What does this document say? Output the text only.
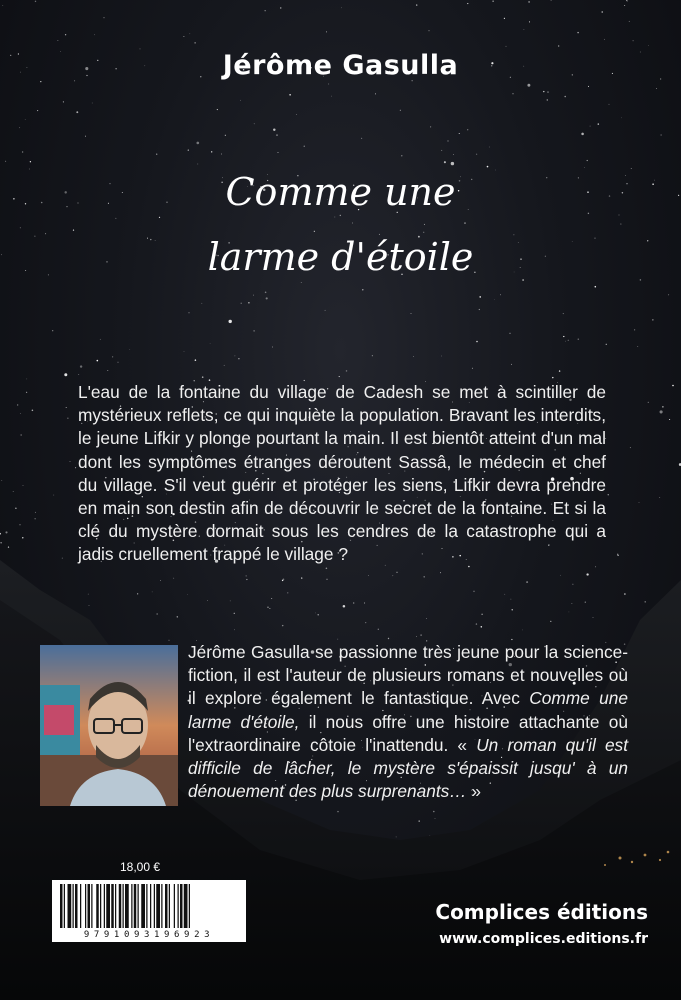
Jérôme Gasulla
Comme une
larme d'étoile
L'eau de la fontaine du village de Cadesh se met à scintiller de mystérieux reflets, ce qui inquiète la population. Bravant les interdits, le jeune Lifkir y plonge pourtant la main. Il est bientôt atteint d'un mal dont les symptômes étranges déroutent Sassâ, le médecin et chef du village. S'il veut guérir et protéger les siens, Lifkir devra prendre en main son destin afin de découvrir le secret de la fontaine. Et si la clé du mystère dormait sous les cendres de la catastrophe qui a jadis cruellement frappé le village ?
Jérôme Gasulla se passionne très jeune pour la science-fiction, il est l'auteur de plusieurs romans et nouvelles où il explore également le fantastique. Avec Comme une larme d'étoile, il nous offre une histoire attachante où l'extraordinaire côtoie l'inattendu. « Un roman qu'il est difficile de lâcher, le mystère s'épaissit jusqu' à un dénouement des plus surprenants… »
18,00 €
9791093196923
Complices éditions
www.complices.editions.fr
